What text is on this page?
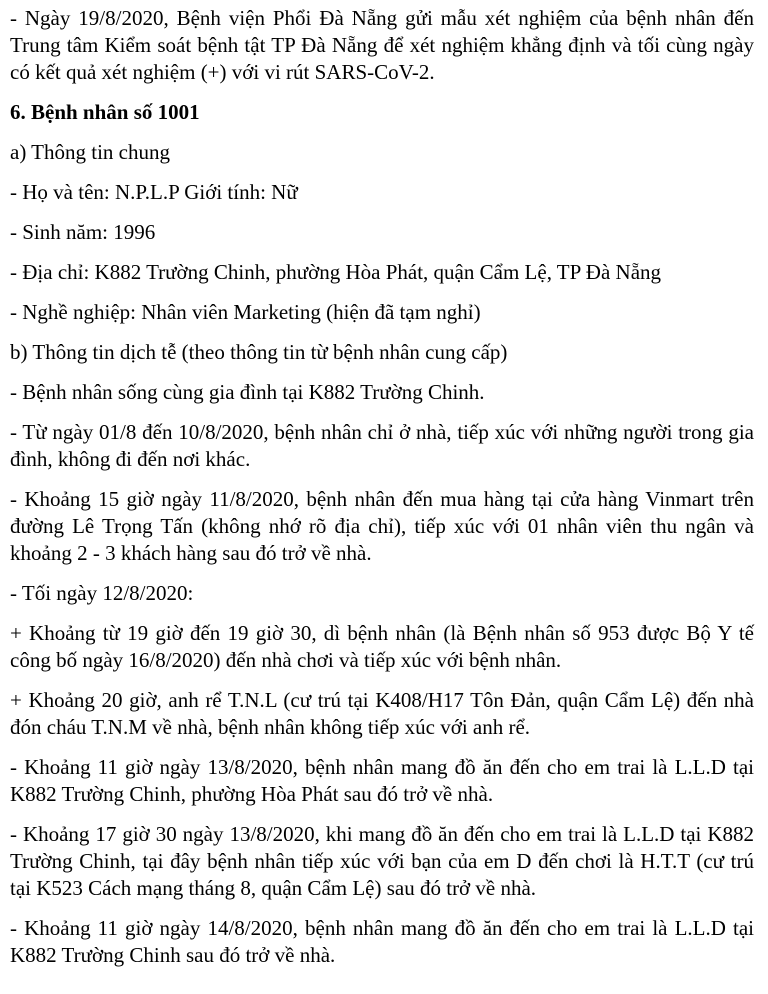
- Ngày 19/8/2020, Bệnh viện Phổi Đà Nẵng gửi mẫu xét nghiệm của bệnh nhân đến Trung tâm Kiểm soát bệnh tật TP Đà Nẵng để xét nghiệm khẳng định và tối cùng ngày có kết quả xét nghiệm (+) với vi rút SARS-CoV-2.

6. Bệnh nhân số 1001

a) Thông tin chung

- Họ và tên: N.P.L.P Giới tính: Nữ

- Sinh năm: 1996

- Địa chỉ: K882 Trường Chinh, phường Hòa Phát, quận Cẩm Lệ, TP Đà Nẵng

- Nghề nghiệp: Nhân viên Marketing (hiện đã tạm nghỉ)

b) Thông tin dịch tễ (theo thông tin từ bệnh nhân cung cấp)

- Bệnh nhân sống cùng gia đình tại K882 Trường Chinh.

- Từ ngày 01/8 đến 10/8/2020, bệnh nhân chỉ ở nhà, tiếp xúc với những người trong gia đình, không đi đến nơi khác.

- Khoảng 15 giờ ngày 11/8/2020, bệnh nhân đến mua hàng tại cửa hàng Vinmart trên đường Lê Trọng Tấn (không nhớ rõ địa chỉ), tiếp xúc với 01 nhân viên thu ngân và khoảng 2 - 3 khách hàng sau đó trở về nhà.

- Tối ngày 12/8/2020:

+ Khoảng từ 19 giờ đến 19 giờ 30, dì bệnh nhân (là Bệnh nhân số 953 được Bộ Y tế công bố ngày 16/8/2020) đến nhà chơi và tiếp xúc với bệnh nhân.

+ Khoảng 20 giờ, anh rể T.N.L (cư trú tại K408/H17 Tôn Đản, quận Cẩm Lệ) đến nhà đón cháu T.N.M về nhà, bệnh nhân không tiếp xúc với anh rể.

- Khoảng 11 giờ ngày 13/8/2020, bệnh nhân mang đồ ăn đến cho em trai là L.L.D tại K882 Trường Chinh, phường Hòa Phát sau đó trở về nhà.

- Khoảng 17 giờ 30 ngày 13/8/2020, khi mang đồ ăn đến cho em trai là L.L.D tại K882 Trường Chinh, tại đây bệnh nhân tiếp xúc với bạn của em D đến chơi là H.T.T (cư trú tại K523 Cách mạng tháng 8, quận Cẩm Lệ) sau đó trở về nhà.

- Khoảng 11 giờ ngày 14/8/2020, bệnh nhân mang đồ ăn đến cho em trai là L.L.D tại K882 Trường Chinh sau đó trở về nhà.
